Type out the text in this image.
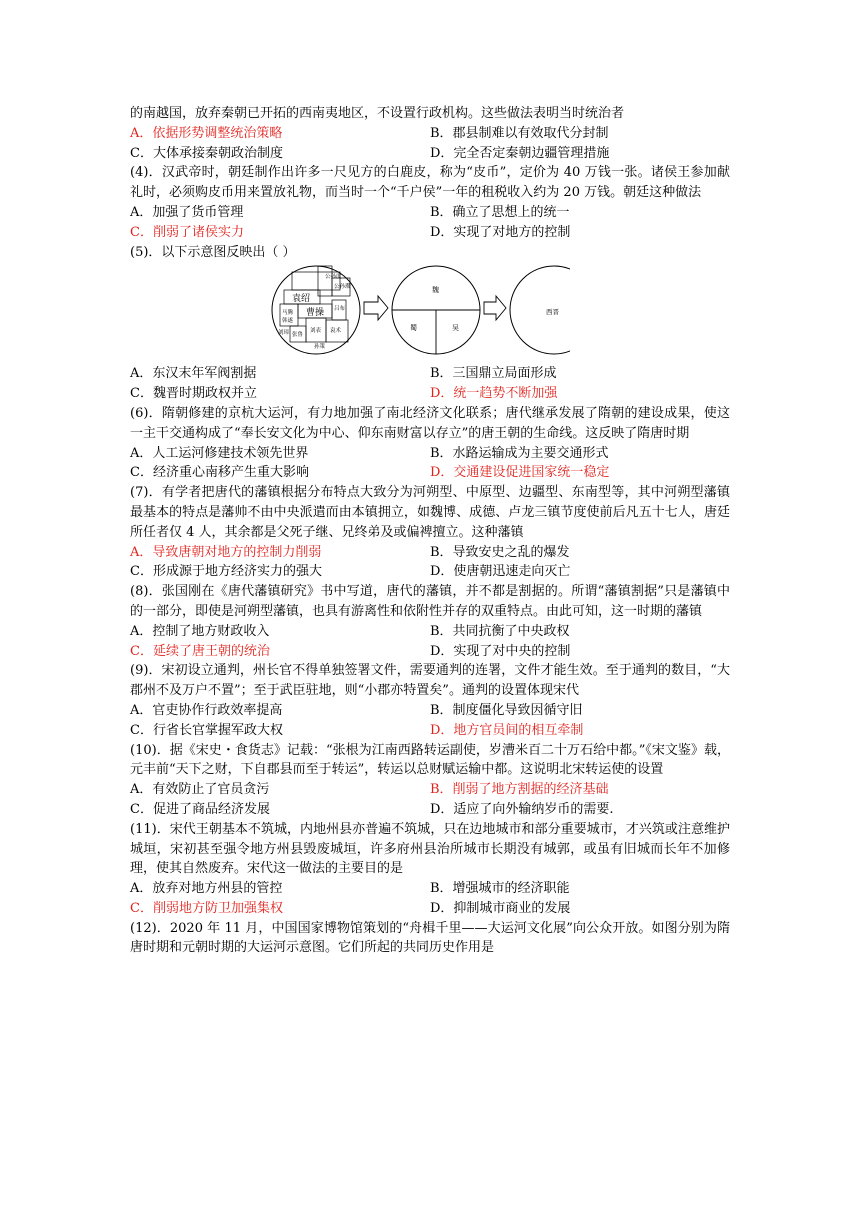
的南越国，放弃秦朝已开拓的西南夷地区，不设置行政机构。这些做法表明当时统治者

A．依据形势调整统治策略	B．郡县制难以有效取代分封制
C．大体承接秦朝政治制度	D．完全否定秦朝边疆管理措施

(4)．汉武帝时，朝廷制作出许多一尺见方的白鹿皮，称为“皮币”，定价为 40 万钱一张。诸侯王参加献礼时，必须购皮币用来置放礼物，而当时一个“千户侯”一年的租税收入约为 20 万钱。朝廷这种做法

A．加强了货币管理	B．确立了思想上的统一
C．削弱了诸侯实力	D．实现了对地方的控制

(5)．以下示意图反映出（ ）

公孙度
公孙瓒
袁绍
曹操
马腾
韩遂
吕布
张鲁
刘表 袁术
孙策
刘璋
魏
蜀	吴
西晋
A．东汉末年军阀割据	B．三国鼎立局面形成
C．魏晋时期政权并立	D．统一趋势不断加强

(6)．隋朝修建的京杭大运河，有力地加强了南北经济文化联系；唐代继承发展了隋朝的建设成果，使这一主干交通构成了“奉长安文化为中心、仰东南财富以存立”的唐王朝的生命线。这反映了隋唐时期

A．人工运河修建技术领先世界	B．水路运输成为主要交通形式
C．经济重心南移产生重大影响	D．交通建设促进国家统一稳定

(7)．有学者把唐代的藩镇根据分布特点大致分为河朔型、中原型、边疆型、东南型等，其中河朔型藩镇最基本的特点是藩帅不由中央派遣而由本镇拥立，如魏博、成德、卢龙三镇节度使前后凡五十七人，唐廷所任者仅 4 人，其余都是父死子继、兄终弟及或偏裨擅立。这种藩镇

A．导致唐朝对地方的控制力削弱	B．导致安史之乱的爆发
C．形成源于地方经济实力的强大	D．使唐朝迅速走向灭亡

(8)．张国刚在《唐代藩镇研究》书中写道，唐代的藩镇，并不都是割据的。所谓“藩镇割据”只是藩镇中的一部分，即使是河朔型藩镇，也具有游离性和依附性并存的双重特点。由此可知，这一时期的藩镇

A．控制了地方财政收入	B．共同抗衡了中央政权
C．延续了唐王朝的统治	D．实现了对中央的控制

(9)．宋初设立通判，州长官不得单独签署文件，需要通判的连署，文件才能生效。至于通判的数目，“大郡州不及万户不置”；至于武臣驻地，则“小郡亦特置矣”。通判的设置体现宋代

A．官吏协作行政效率提高	B．制度僵化导致因循守旧
C．行省长官掌握军政大权	D．地方官员间的相互牵制

(10)．据《宋史・食货志》记载：“张根为江南西路转运副使，岁漕米百二十万石给中都。”《宋文鉴》载，元丰前“天下之财，下自郡县而至于转运”，转运以总财赋运输中都。这说明北宋转运使的设置

A．有效防止了官员贪污	B．削弱了地方割据的经济基础
C．促进了商品经济发展	D．适应了向外输纳岁币的需要.

(11)．宋代王朝基本不筑城，内地州县亦普遍不筑城，只在边地城市和部分重要城市，才兴筑或注意维护城垣，宋初甚至强令地方州县毁废城垣，许多府州县治所城市长期没有城郭，或虽有旧城而长年不加修理，使其自然废弃。宋代这一做法的主要目的是

A．放弃对地方州县的管控	B．增强城市的经济职能
C．削弱地方防卫加强集权	D．抑制城市商业的发展

(12)．2020 年 11 月，中国国家博物馆策划的“舟楫千里——大运河文化展”向公众开放。如图分别为隋唐时期和元朝时期的大运河示意图。它们所起的共同历史作用是
